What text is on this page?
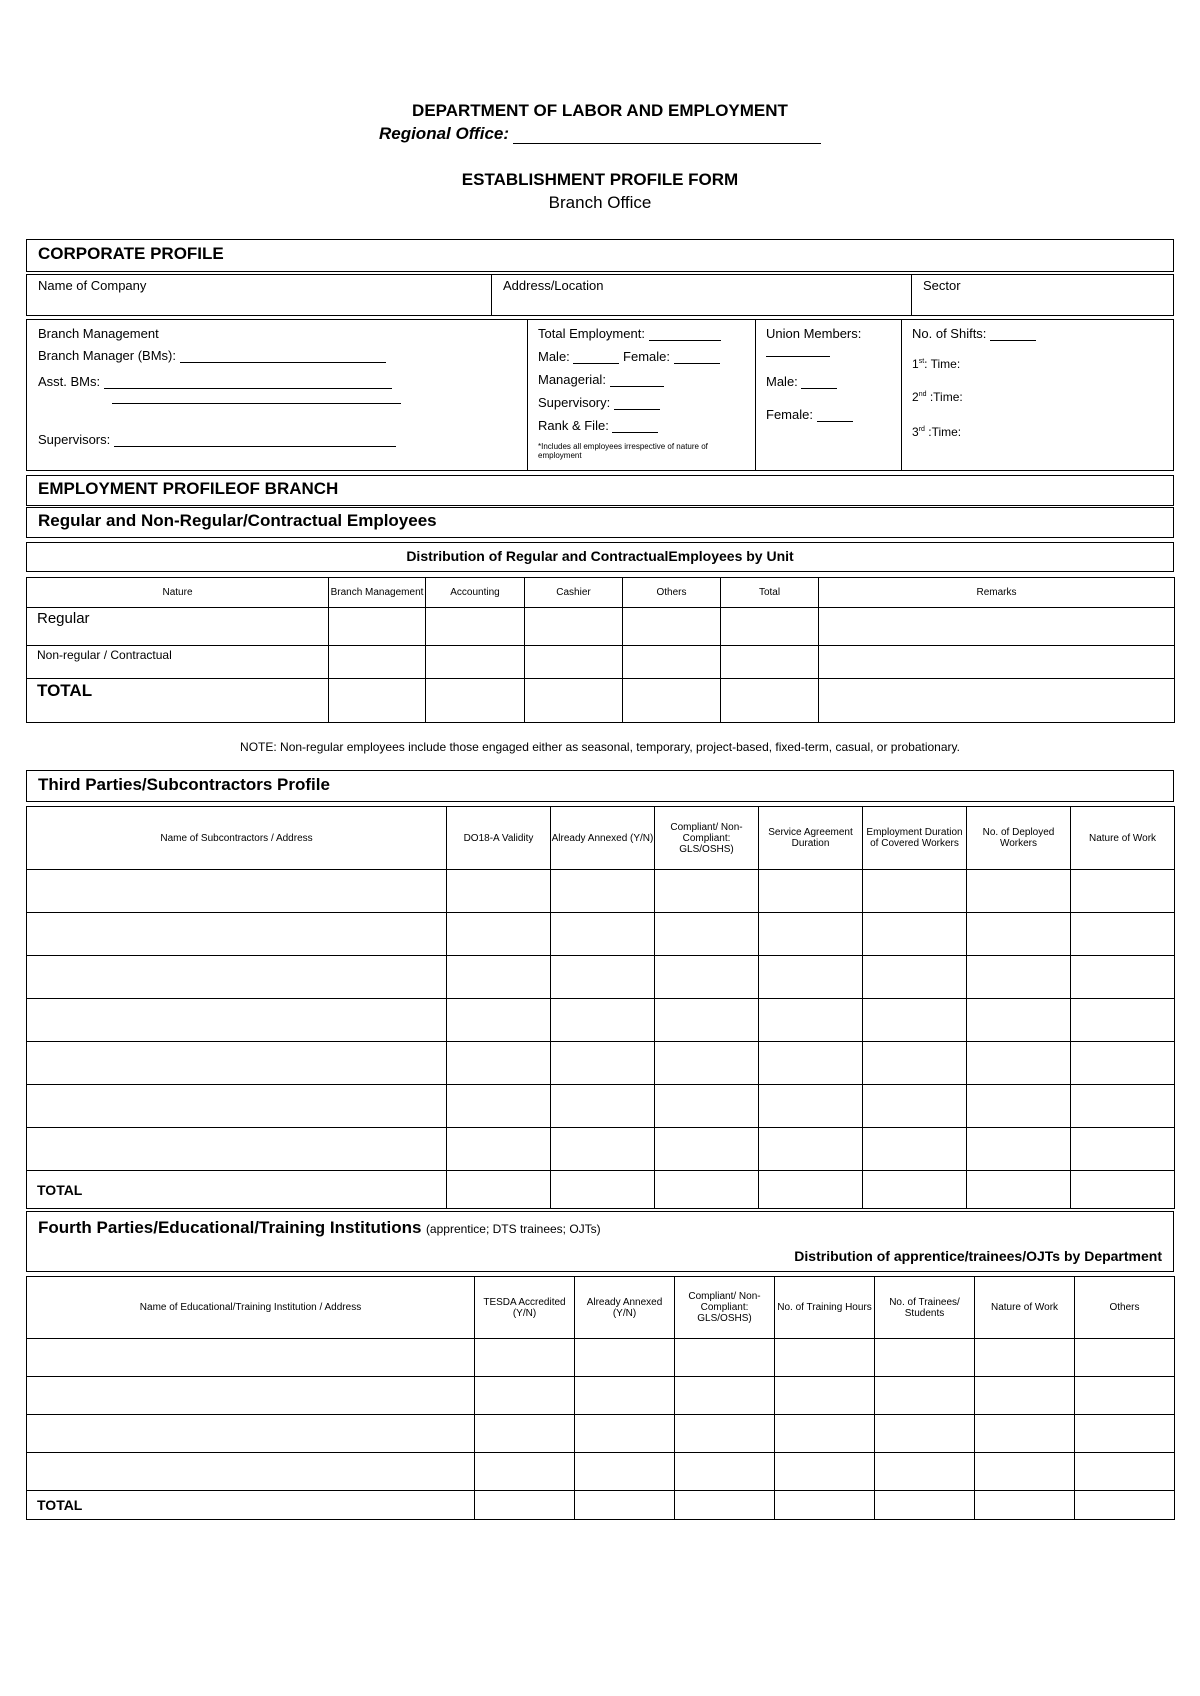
DEPARTMENT OF LABOR AND EMPLOYMENT
Regional Office:
ESTABLISHMENT PROFILE FORM
Branch Office
CORPORATE PROFILE
Name of Company	Address/Location	Sector
Branch Management
Branch Manager (BMs):
Asst. BMs:
Supervisors:
Total Employment:
Male:	Female:
Managerial:
Supervisory:
Rank & File:
*Includes all employees irrespective of nature of employment
Union Members:
Male:
Female:
No. of Shifts:
1st: Time:
2nd :Time:
3rd :Time:
EMPLOYMENT PROFILEOF BRANCH
Regular and Non-Regular/Contractual Employees
Distribution of Regular and ContractualEmployees by Unit
Nature	Branch Management	Accounting	Cashier	Others	Total	Remarks
Regular						
Non-regular / Contractual						
TOTAL						
NOTE: Non-regular employees include those engaged either as seasonal, temporary, project-based, fixed-term, casual, or probationary.
Third Parties/Subcontractors Profile
Name of Subcontractors / Address	DO18-A Validity	Already Annexed (Y/N)	Compliant/ Non-Compliant: GLS/OSHS)	Service Agreement Duration	Employment Duration of Covered Workers	No. of Deployed Workers	Nature of Work

TOTAL							
Fourth Parties/Educational/Training Institutions (apprentice; DTS trainees; OJTs)
Distribution of apprentice/trainees/OJTs by Department
Name of Educational/Training Institution / Address	TESDA Accredited (Y/N)	Already Annexed (Y/N)	Compliant/ Non-Compliant: GLS/OSHS)	No. of Training Hours	No. of Trainees/ Students	Nature of Work	Others

TOTAL							
